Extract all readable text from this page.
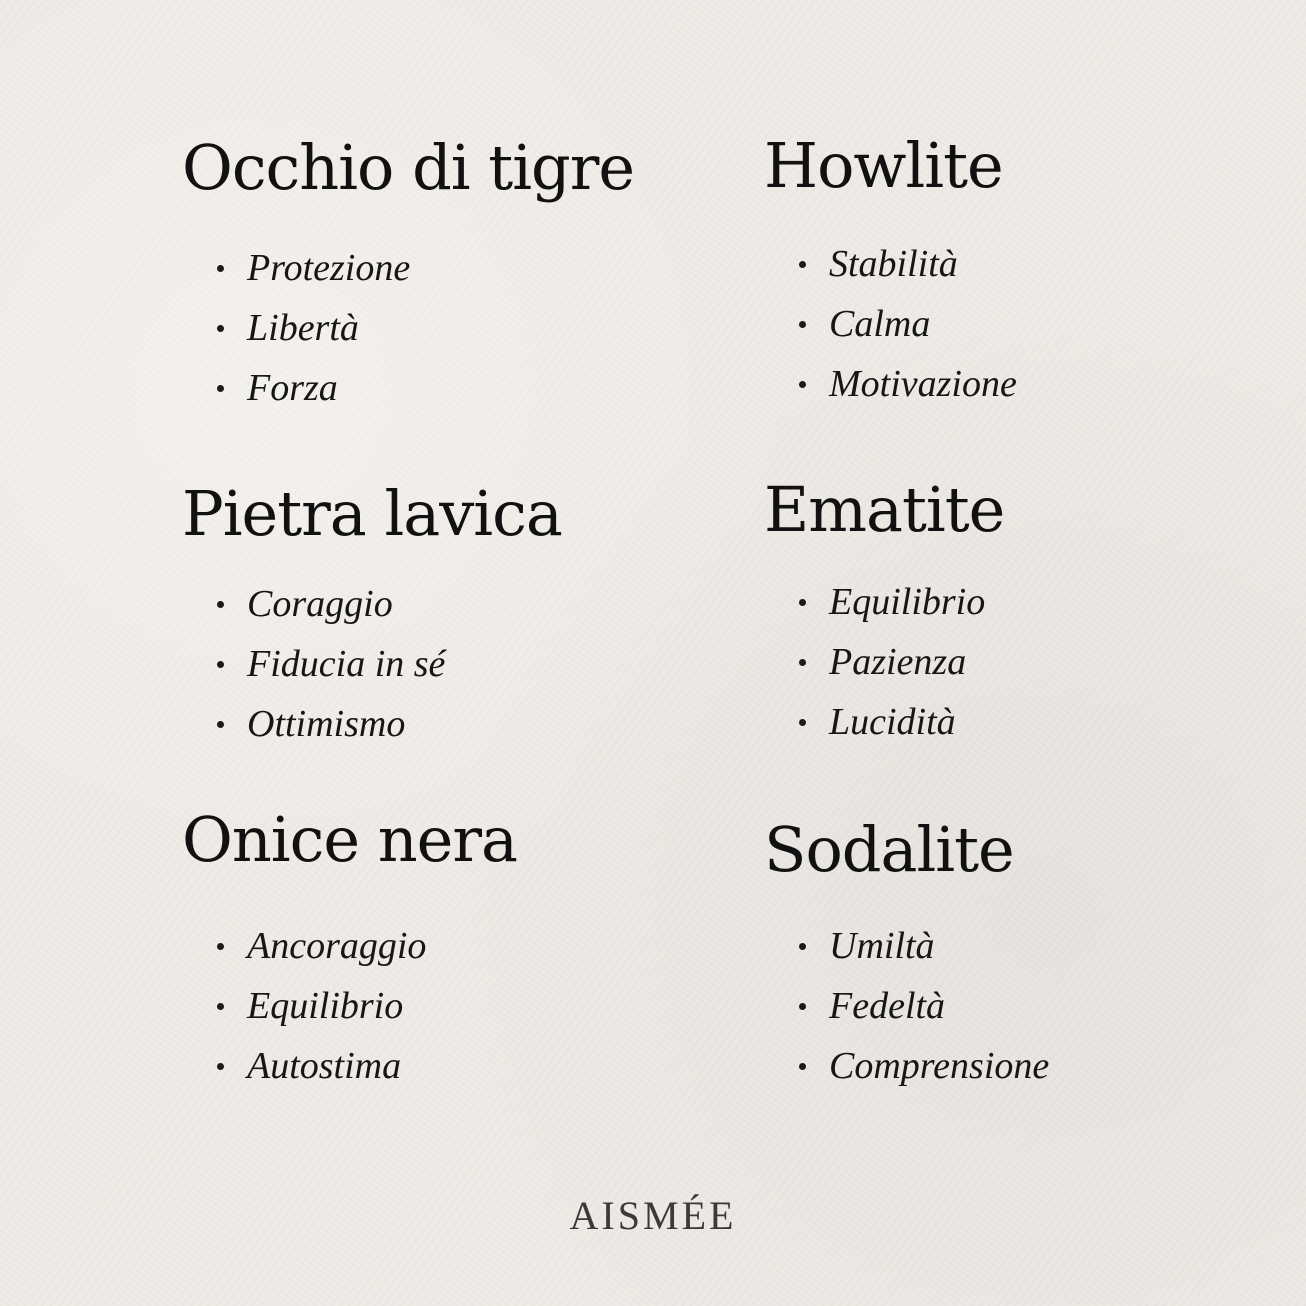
Occhio di tigre
Protezione
Libertà
Forza
Howlite
Stabilità
Calma
Motivazione
Pietra lavica
Coraggio
Fiducia in sé
Ottimismo
Ematite
Equilibrio
Pazienza
Lucidità
Onice nera
Ancoraggio
Equilibrio
Autostima
Sodalite
Umiltà
Fedeltà
Comprensione
AISMÉE
